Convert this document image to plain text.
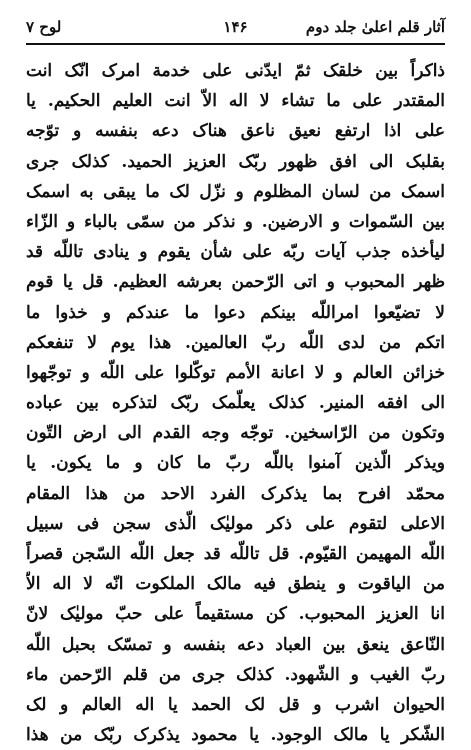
آثار قلم اعلیٰ جلد دوم
۱۴۶
لوح ۷
ذاکراً بین خلقک ثمّ ایدّنی علی خدمة امرک انّک انت
المقتدر علی ما تشاء لا اله الاّ انت العلیم الحکیم. یا
علی اذا ارتفع نعیق ناعق هناک دعه بنفسه و توّجه
بقلبک الی افق ظهور ربّک العزیز الحمید. کذلک جری
اسمک من لسان المظلوم و نزّل لک ما یبقی به اسمک
بین السّموات و الارضین. و نذکر من سمّی بالباء و الزّاء
لیأخذه جذب آیات ربّه علی شأن یقوم و ینادی تاللّه قد
ظهر المحبوب و اتی الرّحمن بعرشه العظیم. قل یا قوم
لا تضیّعوا امراللّه بینکم دعوا ما عندکم و خذوا ما
اتکم من لدی اللّه ربّ العالمین. هذا یوم لا تنفعکم
خزائن العالم و لا اعانة الأمم توکّلوا علی اللّه و توجّهوا
الی افقه المنیر. کذلک یعلّمک ربّک لتذکره بین عباده
وتکون من الرّاسخین. توجّه وجه القدم الی ارض التّون
ویذکر الّذین آمنوا باللّه ربّ ما کان و ما یکون. یا
محمّد افرح بما یذکرک الفرد الاحد من هذا المقام
الاعلی لتقوم علی ذکر مولیٰک الّذی سجن فی سبیل
اللّه المهیمن القیّوم. قل تاللّه قد جعل اللّه السّجن قصراً
من الیاقوت و ینطق فیه مالک الملکوت انّه لا اله الاّ
انا العزیز المحبوب. کن مستقیماً علی حبّ مولیٰک لانّ
النّاعق ینعق بین العباد دعه بنفسه و تمسّک بحبل اللّه
ربّ الغیب و الشّهود. کذلک جری من قلم الرّحمن ماء
الحیوان اشرب و قل لک الحمد یا اله العالم و لک
الشّکر یا مالک الوجود. یا محمود یذکرک ربّک من هذا
